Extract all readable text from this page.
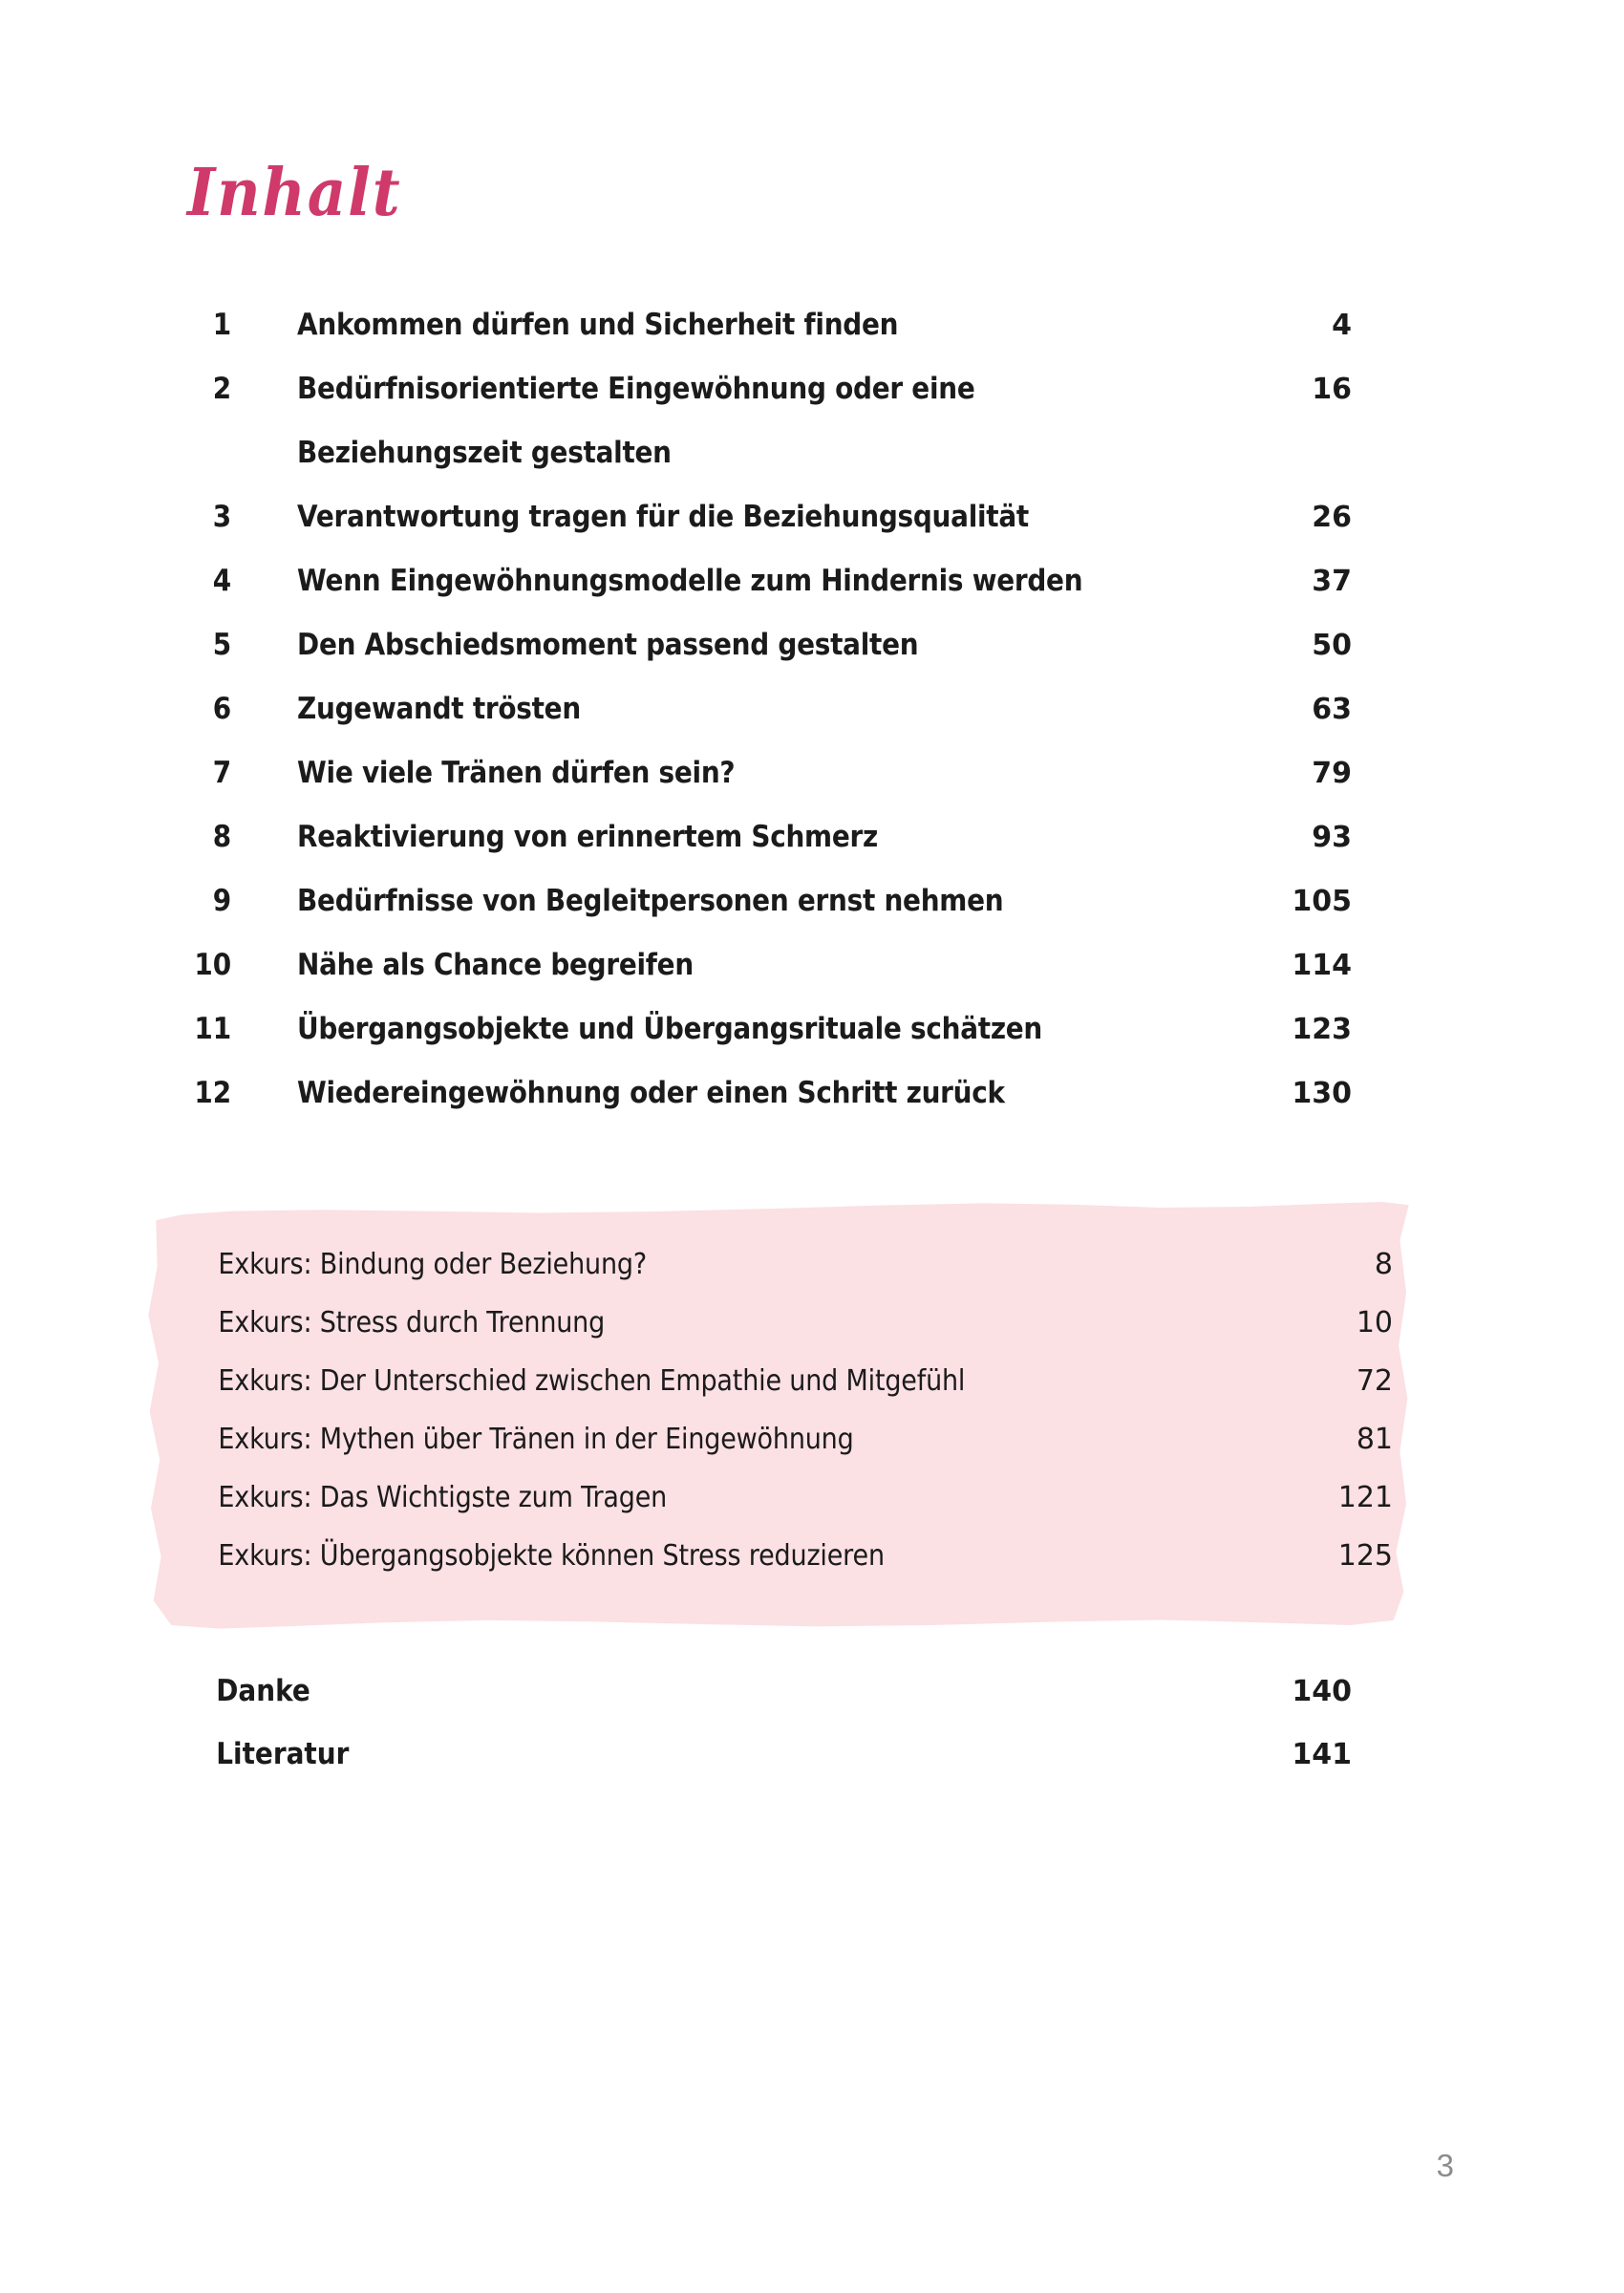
Inhalt
1	Ankommen dürfen und Sicherheit finden	4
2	Bedürfnisorientierte Eingewöhnung oder eine	16
Beziehungszeit gestalten
3	Verantwortung tragen für die Beziehungsqualität	26
4	Wenn Eingewöhnungsmodelle zum Hindernis werden	37
5	Den Abschiedsmoment passend gestalten	50
6	Zugewandt trösten	63
7	Wie viele Tränen dürfen sein?	79
8	Reaktivierung von erinnertem Schmerz	93
9	Bedürfnisse von Begleitpersonen ernst nehmen	105
10	Nähe als Chance begreifen	114
11	Übergangsobjekte und Übergangsrituale schätzen	123
12	Wiedereingewöhnung oder einen Schritt zurück	130
Exkurs: Bindung oder Beziehung?	8
Exkurs: Stress durch Trennung	10
Exkurs: Der Unterschied zwischen Empathie und Mitgefühl	72
Exkurs: Mythen über Tränen in der Eingewöhnung	81
Exkurs: Das Wichtigste zum Tragen	121
Exkurs: Übergangsobjekte können Stress reduzieren	125
Danke	140
Literatur	141
3
